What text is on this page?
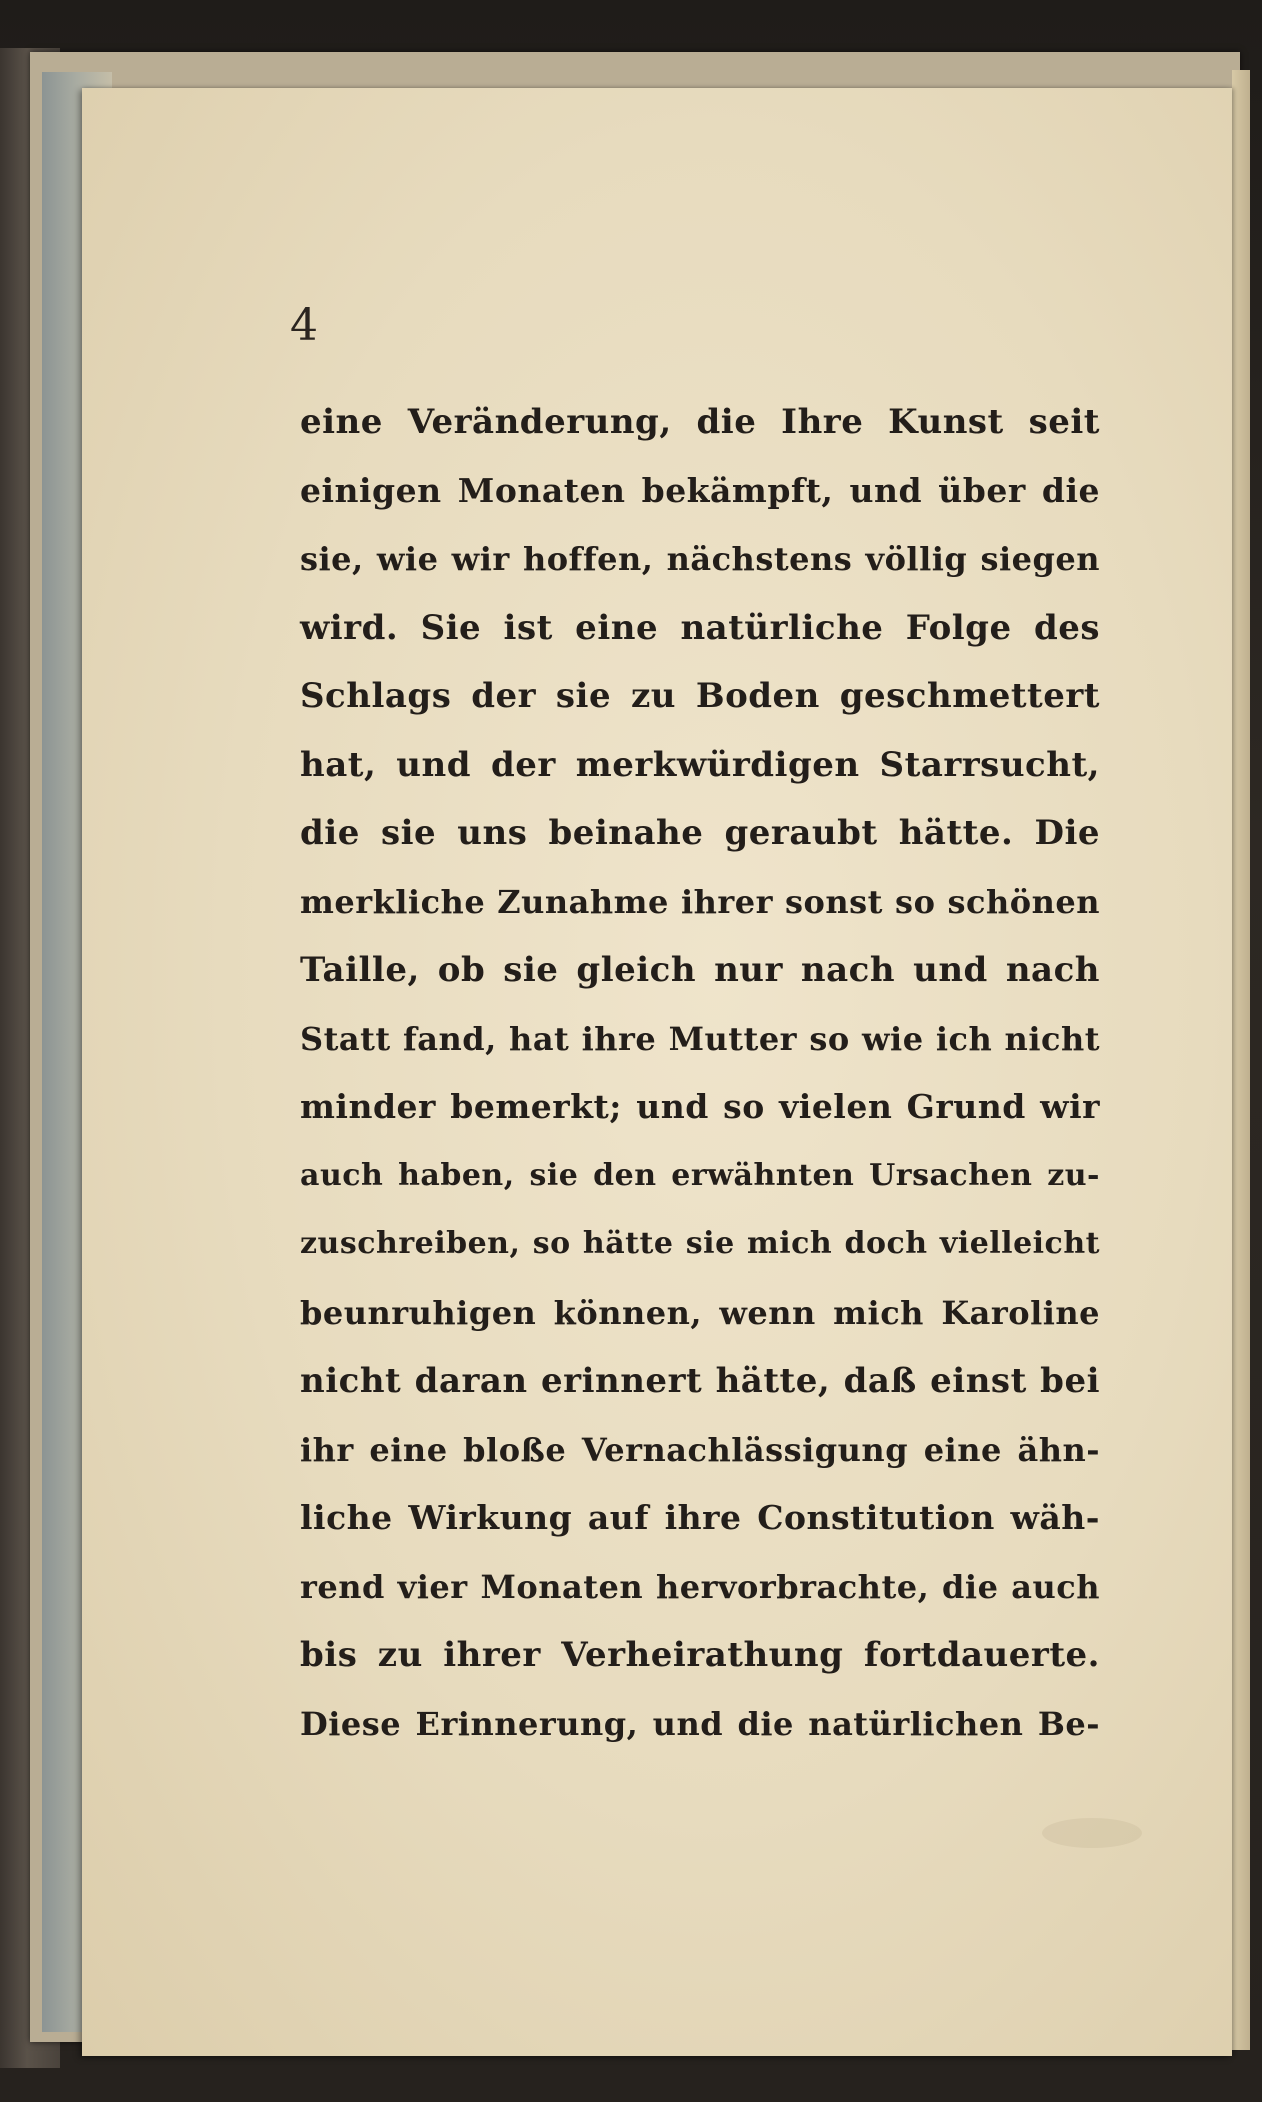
4

eine Veränderung, die Ihre Kunst seit
einigen Monaten bekämpft, und über die
sie, wie wir hoffen, nächstens völlig siegen
wird. Sie ist eine natürliche Folge des
Schlags der sie zu Boden geschmettert
hat, und der merkwürdigen Starrsucht,
die sie uns beinahe geraubt hätte. Die
merkliche Zunahme ihrer sonst so schönen
Taille, ob sie gleich nur nach und nach
Statt fand, hat ihre Mutter so wie ich nicht
minder bemerkt; und so vielen Grund wir
auch haben, sie den erwähnten Ursachen zu-
zuschreiben, so hätte sie mich doch vielleicht
beunruhigen können, wenn mich Karoline
nicht daran erinnert hätte, daß einst bei
ihr eine bloße Vernachlässigung eine ähn-
liche Wirkung auf ihre Constitution wäh-
rend vier Monaten hervorbrachte, die auch
bis zu ihrer Verheirathung fortdauerte.
Diese Erinnerung, und die natürlichen Be-
